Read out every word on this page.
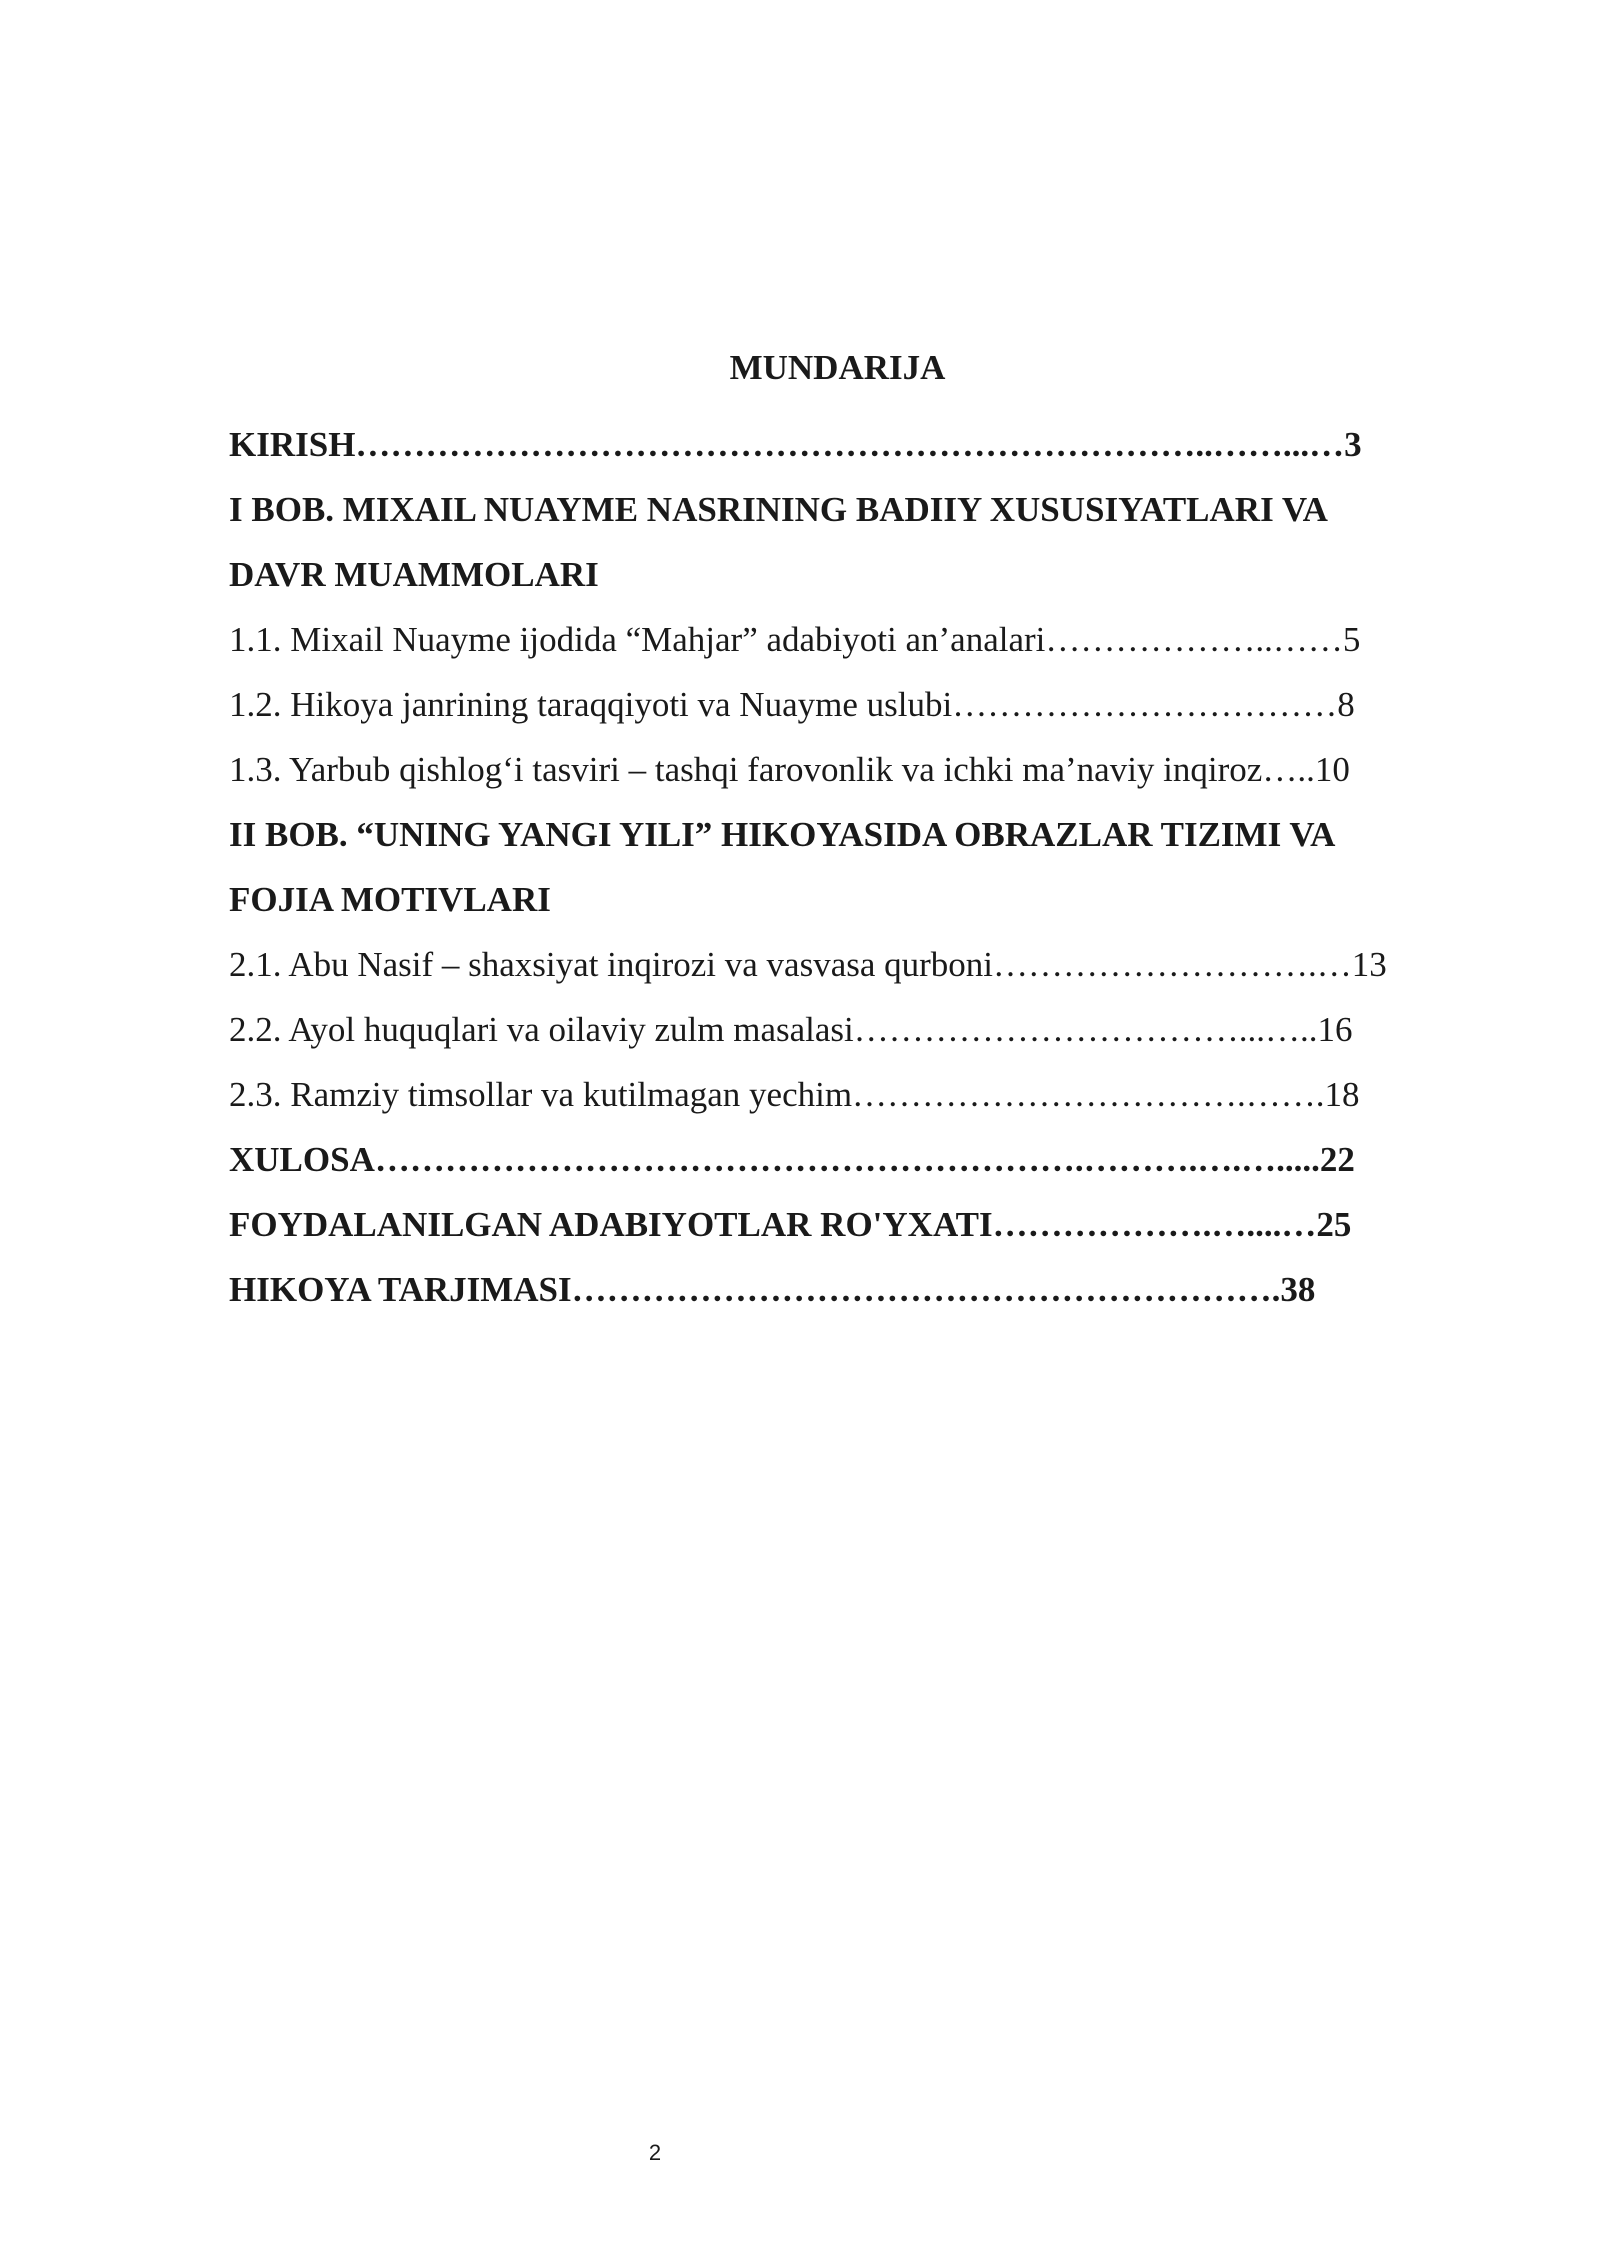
MUNDARIJA
KIRISH………………………………………………………………..……...…3
I BOB. MIXAIL NUAYME NASRINING BADIIY XUSUSIYATLARI VA
DAVR MUAMMOLARI
1.1. Mixail Nuayme ijodida “Mahjar” adabiyoti an’analari………………..……5
1.2. Hikoya janrining taraqqiyoti va Nuayme uslubi……………………………8
1.3. Yarbub qishlog‘i tasviri – tashqi farovonlik va ichki ma’naviy inqiroz…..10
II BOB. “UNING YANGI YILI” HIKOYASIDA OBRAZLAR TIZIMI VA
FOJIA MOTIVLARI
2.1. Abu Nasif – shaxsiyat inqirozi va vasvasa qurboni……………………….…13
2.2. Ayol huquqlari va oilaviy zulm masalasi……………………………...…..16
2.3. Ramziy timsollar va kutilmagan yechim…………………………….…….18
XULOSA…………………………………………………….……….….….....22
FOYDALANILGAN ADABIYOTLAR RO'YXATI……………….…....…25
HIKOYA TARJIMASI…………………………………………………….38
2
